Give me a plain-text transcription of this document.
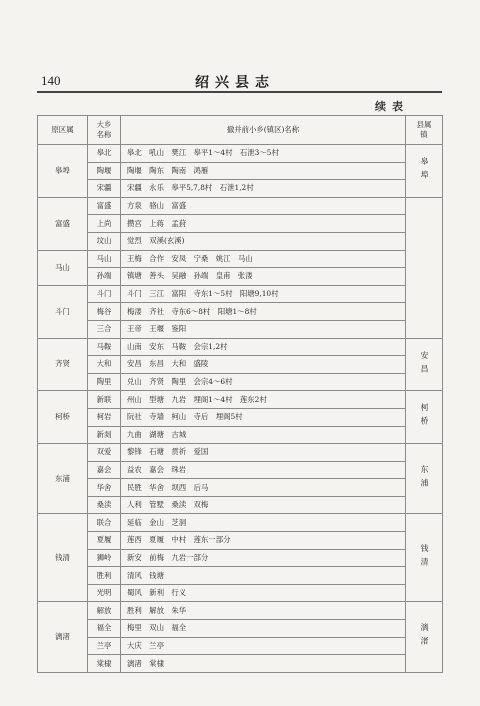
140	绍兴县志
续表
原区属	大乡名称	撤并前小乡(镇区)名称	县属镇
皋埠	皋北	皋北　吼山　樊江　皋平1～4村　石泄3～5村	皋埠
	陶堰	陶堰　陶东　陶南　鸿雁	
	宋疆	宋疆　永乐　皋平5,7,8村　石泄1,2村	
富盛	富盛	方泉　骆山　富盛	
	上尚	攒宫　上蒋　孟葑	
	坟山	觉烈　双溪(玄溪)	
马山	马山	王梅　合作　安凤　宁桑　姚江　马山	
	孙端	镇塘　善头　吴融　孙端　皇甫　张溇	
斗门	斗门	斗门　三江　富阳　寺东1～5村　阳塘9,10村	
	梅谷	梅溇　齐社　寺东6～8村　阳塘1～8村	
	三合	王帝　王堰　鉴阳	
齐贤	马鞍	山南　安东　马鞍　会宗1,2村	安昌
	大和	安昌　东昌　大和　盛陵	
	陶里	兑山　齐贤　陶里　会宗4～6村	
柯桥	新联	州山　型塘　九岩　埋阁1～4村　莲东2村	柯桥
	柯岩	阮社　寺墙　柯山　寺后　埋阁5村	
	新剡	九曲　湖塘　古城	
东浦	双爱	黎锋　石塘　贯祈　爱国	东浦
	嘉会	益农　嘉会　珠岩	
	华舍	民胜　华舍　坝西　后马	
	桑渎	人利　管墅　桑渎　双梅	
钱清	联合	延临　金山　芝洞	钱清
	夏履	莲西　夏履　中村　莲东一部分	
	狮岭	新安　前梅　九岩一部分	
	胜利	清风　钱塘	
	光明	蜀风　新利　行义	
漓渚	解放	胜利　解放　朱华	漓渚
	福全	梅里　双山　福全	
	兰亭	大庆　兰亭	
	棠棣	漓渚　棠棣	
